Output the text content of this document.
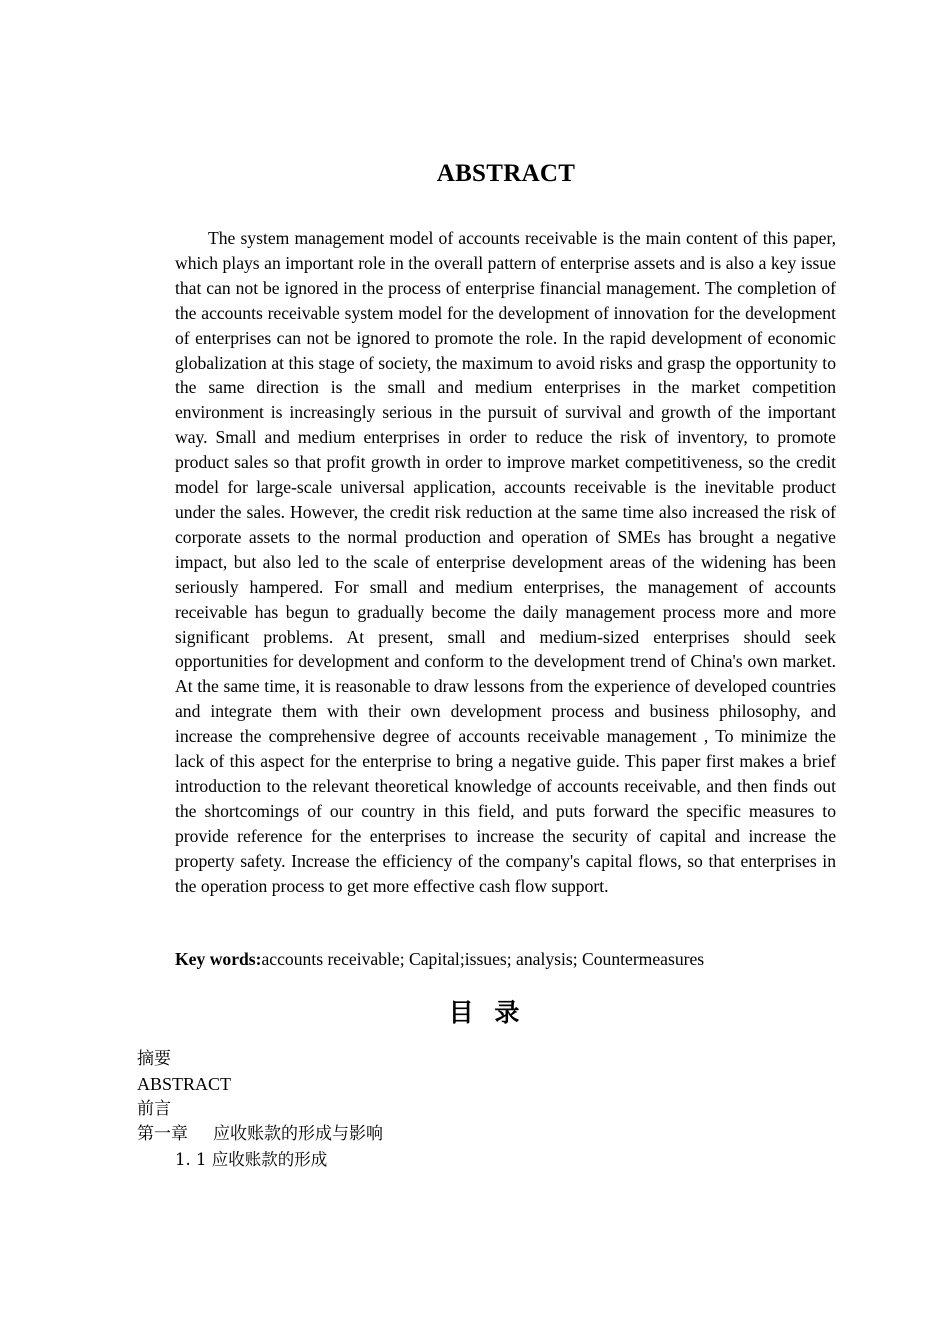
ABSTRACT

The system management model of accounts receivable is the main content of this paper, which plays an important role in the overall pattern of enterprise assets and is also a key issue that can not be ignored in the process of enterprise financial management. The completion of the accounts receivable system model for the development of innovation for the development of enterprises can not be ignored to promote the role. In the rapid development of economic globalization at this stage of society, the maximum to avoid risks and grasp the opportunity to the same direction is the small and medium enterprises in the market competition environment is increasingly serious in the pursuit of survival and growth of the important way. Small and medium enterprises in order to reduce the risk of inventory, to promote product sales so that profit growth in order to improve market competitiveness, so the credit model for large-scale universal application, accounts receivable is the inevitable product under the sales. However, the credit risk reduction at the same time also increased the risk of corporate assets to the normal production and operation of SMEs has brought a negative impact, but also led to the scale of enterprise development areas of the widening has been seriously hampered. For small and medium enterprises, the management of accounts receivable has begun to gradually become the daily management process more and more significant problems. At present, small and medium-sized enterprises should seek opportunities for development and conform to the development trend of China's own market. At the same time, it is reasonable to draw lessons from the experience of developed countries and integrate them with their own development process and business philosophy, and increase the comprehensive degree of accounts receivable management , To minimize the lack of this aspect for the enterprise to bring a negative guide. This paper first makes a brief introduction to the relevant theoretical knowledge of accounts receivable, and then finds out the shortcomings of our country in this field, and puts forward the specific measures to provide reference for the enterprises to increase the security of capital and increase the property safety. Increase the efficiency of the company's capital flows, so that enterprises in the operation process to get more effective cash flow support.

Key words:accounts receivable; Capital;issues; analysis; Countermeasures

目 录
摘要
ABSTRACT
前言
第一章 应收账款的形成与影响
1. 1 应收账款的形成
